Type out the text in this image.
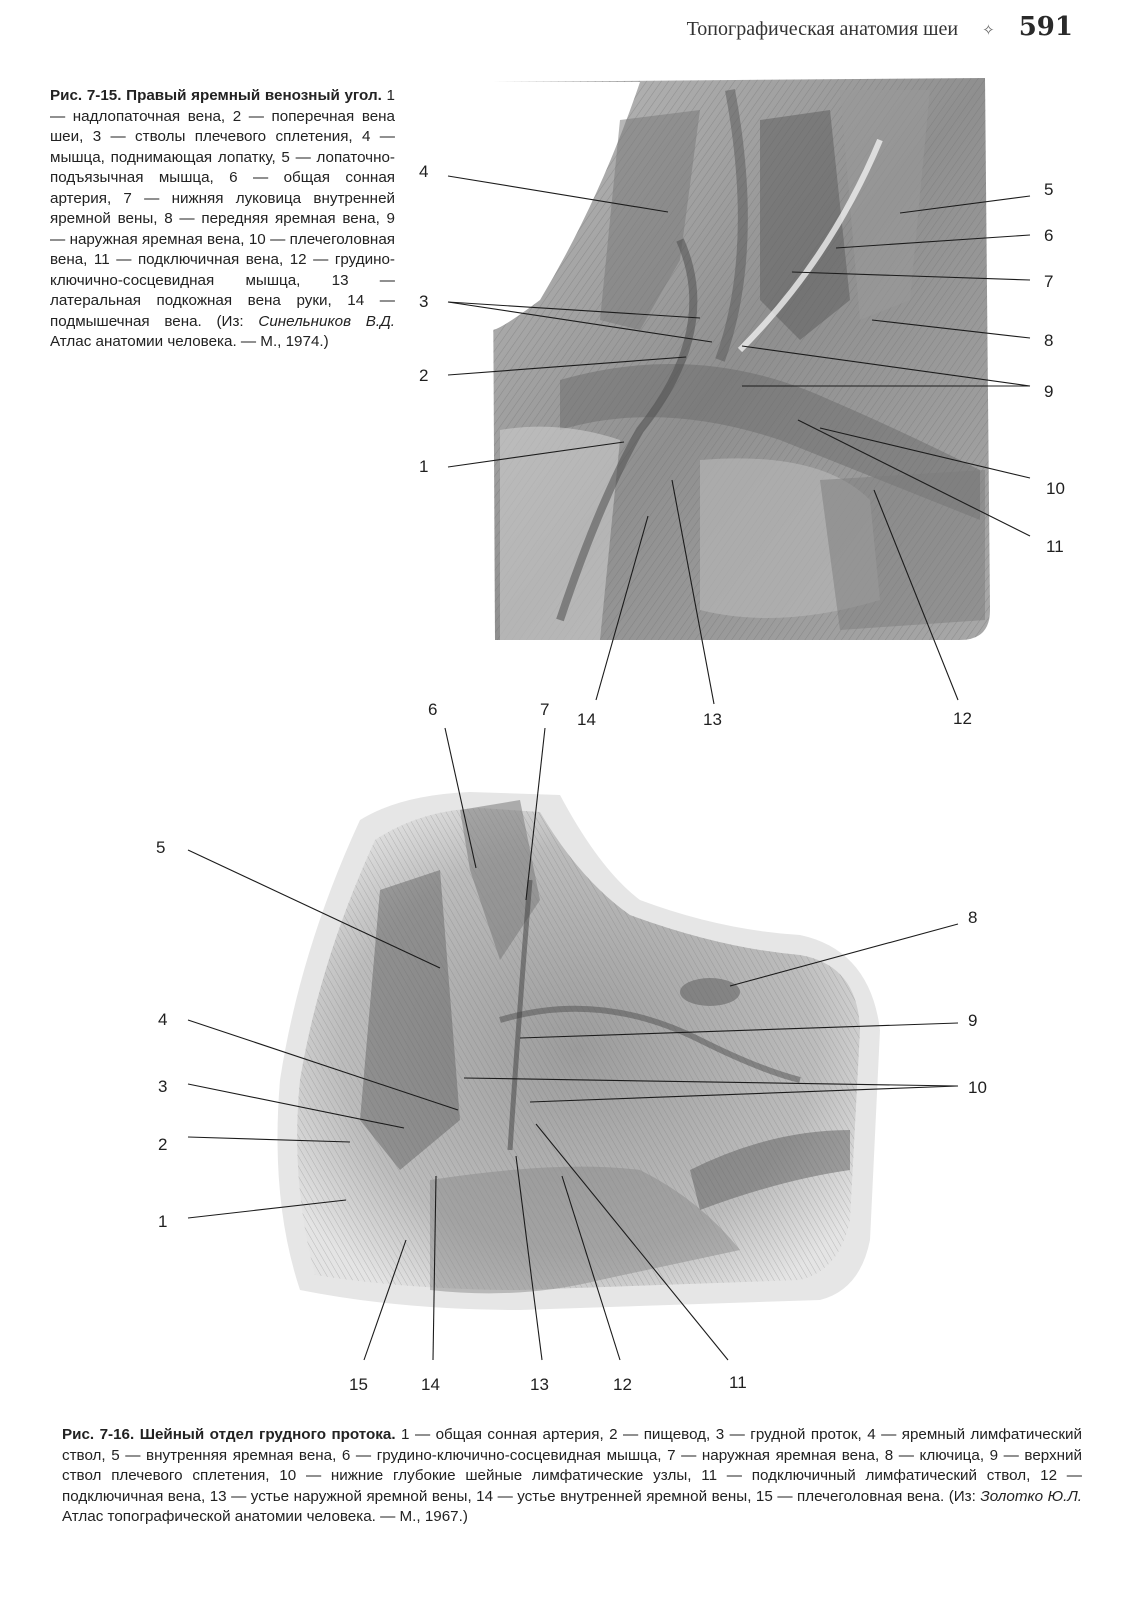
Топографическая анатомия шеи ✧ 591
Рис. 7-15. Правый яремный венозный угол. 1 — надлопаточная вена, 2 — поперечная вена шеи, 3 — стволы плечевого сплетения, 4 — мышца, поднимающая лопатку, 5 — лопаточно-подъязычная мышца, 6 — общая сонная артерия, 7 — нижняя луковица внутренней яремной вены, 8 — передняя яремная вена, 9 — наружная яремная вена, 10 — плечеголовная вена, 11 — подключичная вена, 12 — грудино-ключично-сосцевидная мышца, 13 — латеральная подкожная вена руки, 14 — подмышечная вена. (Из: Синельников В.Д. Атлас анатомии человека. — М., 1974.)
4
3
2
1
5
6
7
8
9
10
11
12
13
14
6	7
5
8
9
10
4
3
2
1
15	14	13	12	11
Рис. 7-16. Шейный отдел грудного протока. 1 — общая сонная артерия, 2 — пищевод, 3 — грудной проток, 4 — яремный лимфатический ствол, 5 — внутренняя яремная вена, 6 — грудино-ключично-сосцевидная мышца, 7 — наружная яремная вена, 8 — ключица, 9 — верхний ствол плечевого сплетения, 10 — нижние глубокие шейные лимфатические узлы, 11 — подключичный лимфатический ствол, 12 — подключичная вена, 13 — устье наружной яремной вены, 14 — устье внутренней яремной вены, 15 — плечеголовная вена. (Из: Золотко Ю.Л. Атлас топографической анатомии человека. — М., 1967.)
